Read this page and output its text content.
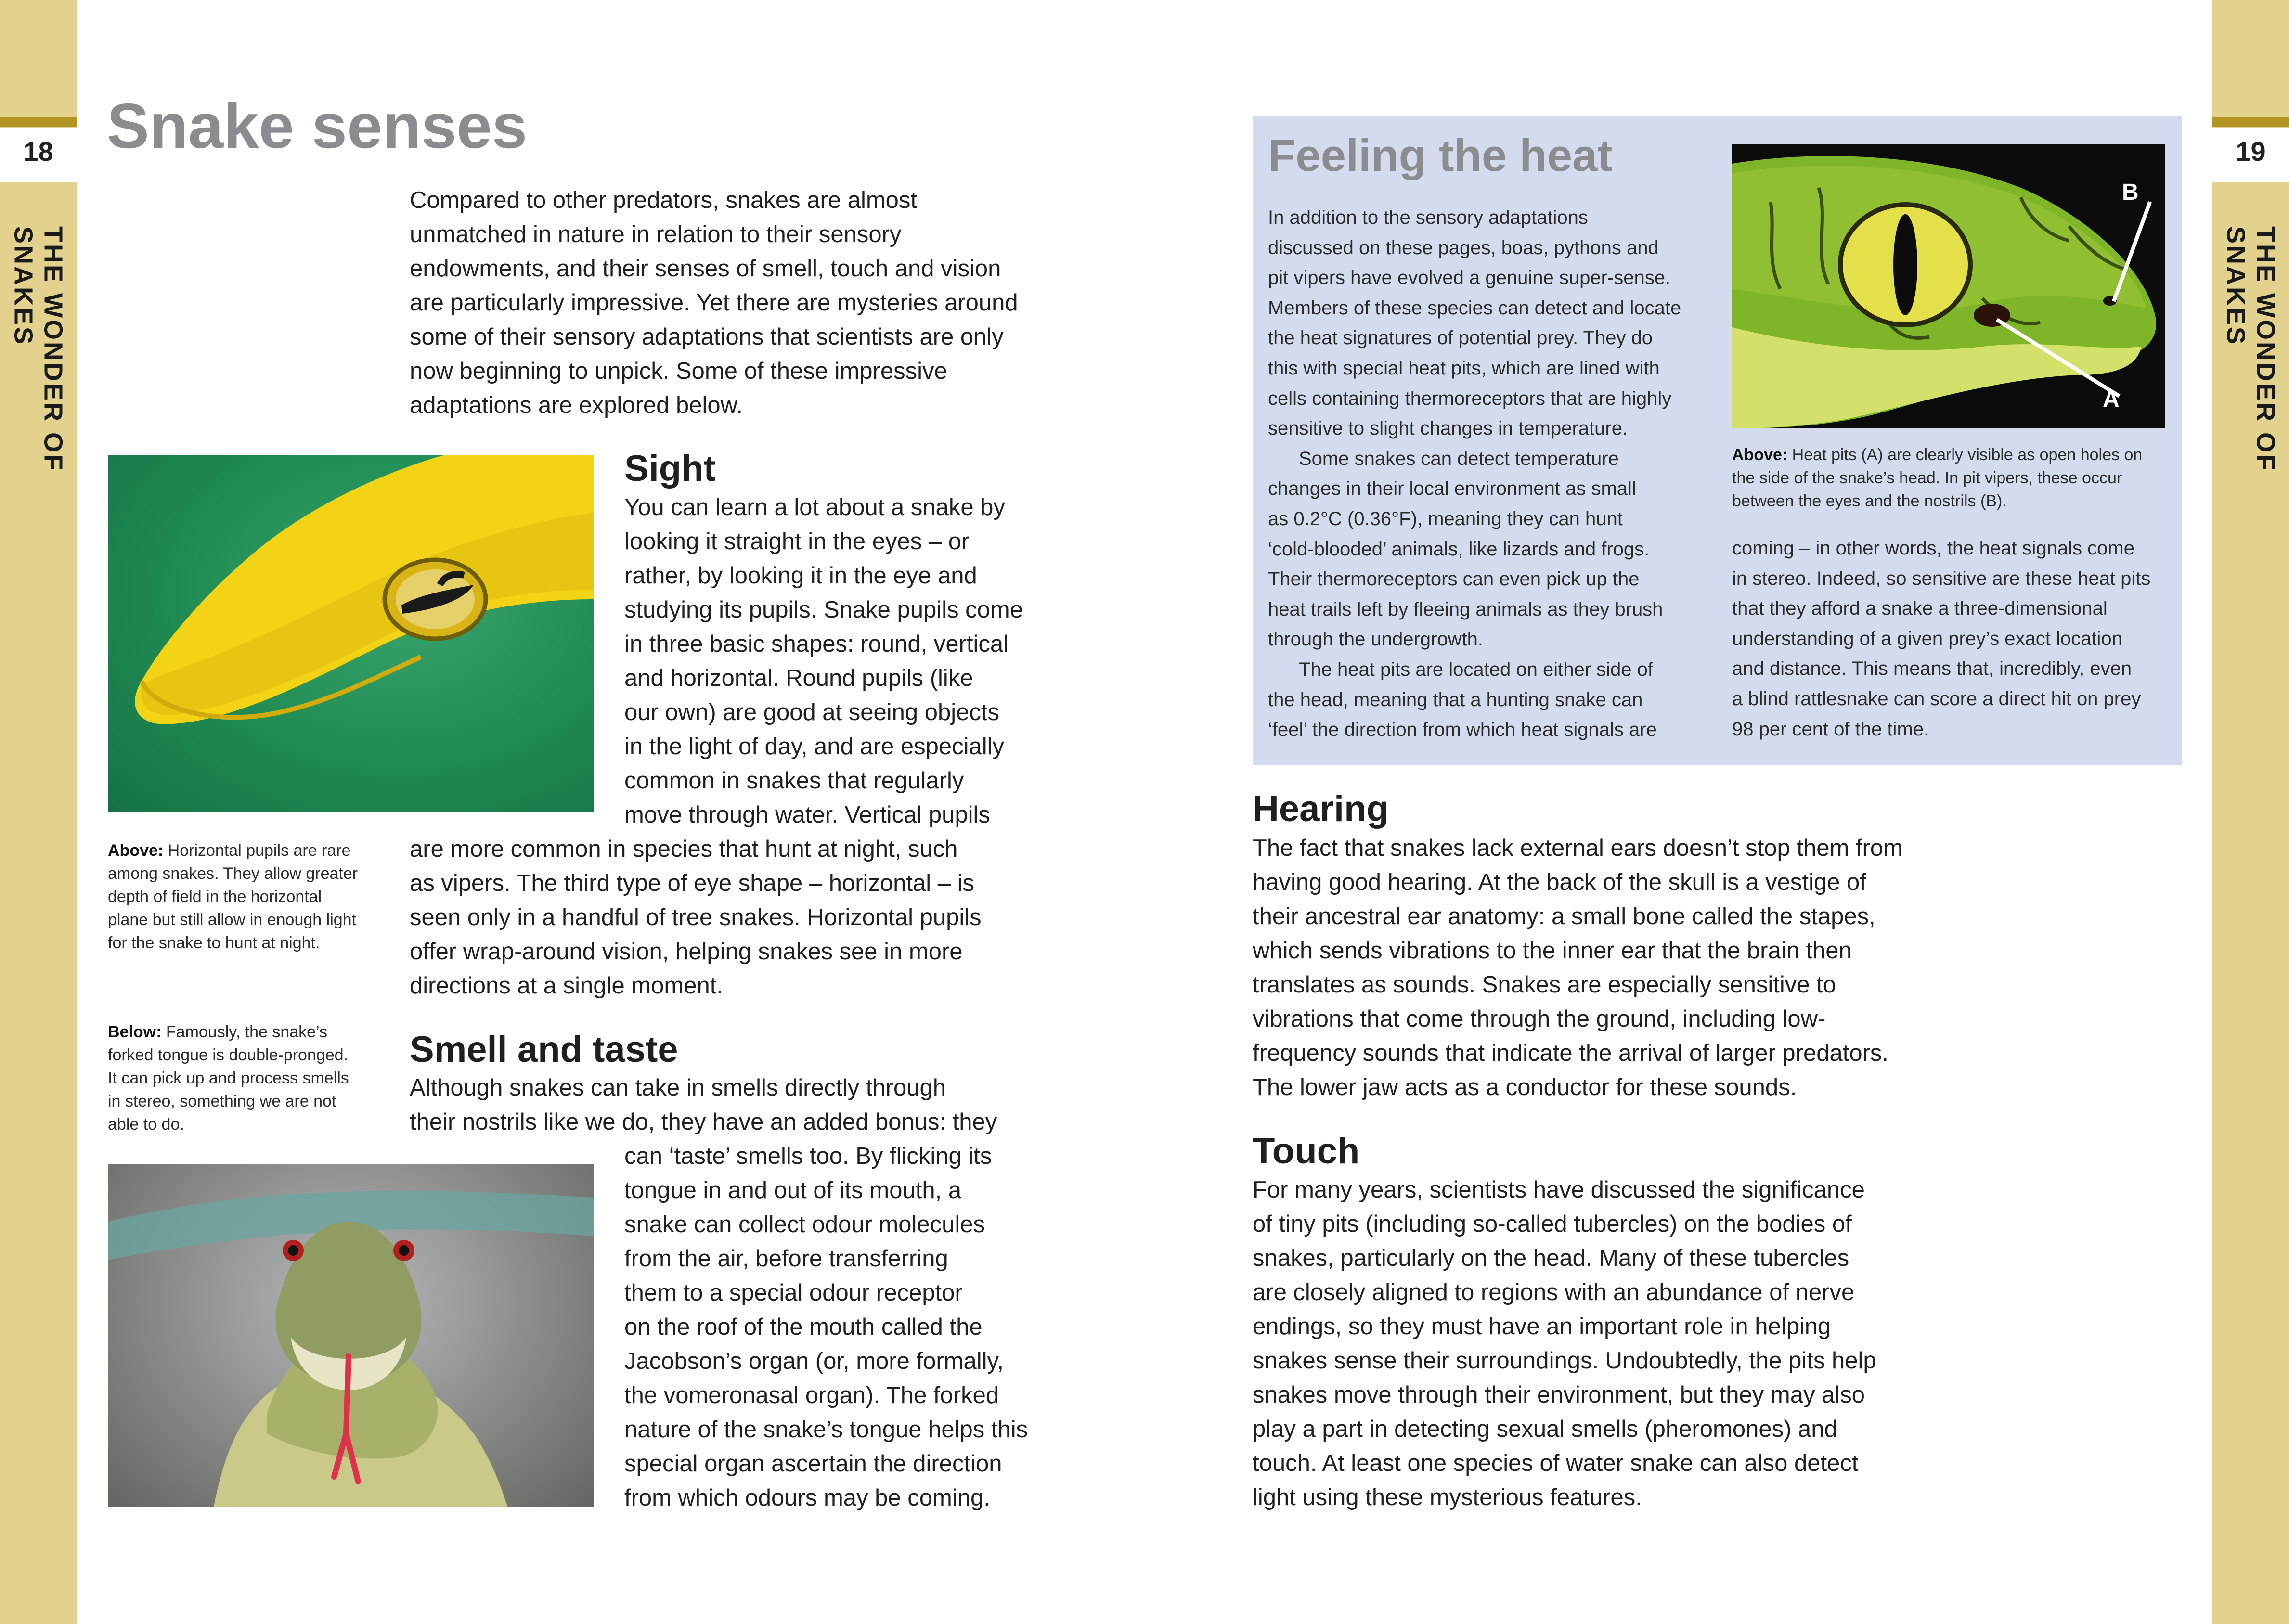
18
THE WONDER OF SNAKES
Snake senses
Compared to other predators, snakes are almost
unmatched in nature in relation to their sensory
endowments, and their senses of smell, touch and vision
are particularly impressive. Yet there are mysteries around
some of their sensory adaptations that scientists are only
now beginning to unpick. Some of these impressive
adaptations are explored below.
Sight
You can learn a lot about a snake by
looking it straight in the eyes – or
rather, by looking it in the eye and
studying its pupils. Snake pupils come
in three basic shapes: round, vertical
and horizontal. Round pupils (like
our own) are good at seeing objects
in the light of day, and are especially
common in snakes that regularly
move through water. Vertical pupils
are more common in species that hunt at night, such
as vipers. The third type of eye shape – horizontal – is
seen only in a handful of tree snakes. Horizontal pupils
offer wrap-around vision, helping snakes see in more
directions at a single moment.
Above: Horizontal pupils are rare
among snakes. They allow greater
depth of field in the horizontal
plane but still allow in enough light
for the snake to hunt at night.
Below: Famously, the snake’s
forked tongue is double-pronged.
It can pick up and process smells
in stereo, something we are not
able to do.
Smell and taste
Although snakes can take in smells directly through
their nostrils like we do, they have an added bonus: they
can ‘taste’ smells too. By flicking its
tongue in and out of its mouth, a
snake can collect odour molecules
from the air, before transferring
them to a special odour receptor
on the roof of the mouth called the
Jacobson’s organ (or, more formally,
the vomeronasal organ). The forked
nature of the snake’s tongue helps this
special organ ascertain the direction
from which odours may be coming.
Feeling the heat
In addition to the sensory adaptations
discussed on these pages, boas, pythons and
pit vipers have evolved a genuine super-sense.
Members of these species can detect and locate
the heat signatures of potential prey. They do
this with special heat pits, which are lined with
cells containing thermoreceptors that are highly
sensitive to slight changes in temperature.
Some snakes can detect temperature
changes in their local environment as small
as 0.2°C (0.36°F), meaning they can hunt
‘cold-blooded’ animals, like lizards and frogs.
Their thermoreceptors can even pick up the
heat trails left by fleeing animals as they brush
through the undergrowth.
The heat pits are located on either side of
the head, meaning that a hunting snake can
‘feel’ the direction from which heat signals are
B
A
Above: Heat pits (A) are clearly visible as open holes on
the side of the snake’s head. In pit vipers, these occur
between the eyes and the nostrils (B).
coming – in other words, the heat signals come
in stereo. Indeed, so sensitive are these heat pits
that they afford a snake a three-dimensional
understanding of a given prey’s exact location
and distance. This means that, incredibly, even
a blind rattlesnake can score a direct hit on prey
98 per cent of the time.
Hearing
The fact that snakes lack external ears doesn’t stop them from
having good hearing. At the back of the skull is a vestige of
their ancestral ear anatomy: a small bone called the stapes,
which sends vibrations to the inner ear that the brain then
translates as sounds. Snakes are especially sensitive to
vibrations that come through the ground, including low-
frequency sounds that indicate the arrival of larger predators.
The lower jaw acts as a conductor for these sounds.
Touch
For many years, scientists have discussed the significance
of tiny pits (including so-called tubercles) on the bodies of
snakes, particularly on the head. Many of these tubercles
are closely aligned to regions with an abundance of nerve
endings, so they must have an important role in helping
snakes sense their surroundings. Undoubtedly, the pits help
snakes move through their environment, but they may also
play a part in detecting sexual smells (pheromones) and
touch. At least one species of water snake can also detect
light using these mysterious features.
19
THE WONDER OF SNAKES
